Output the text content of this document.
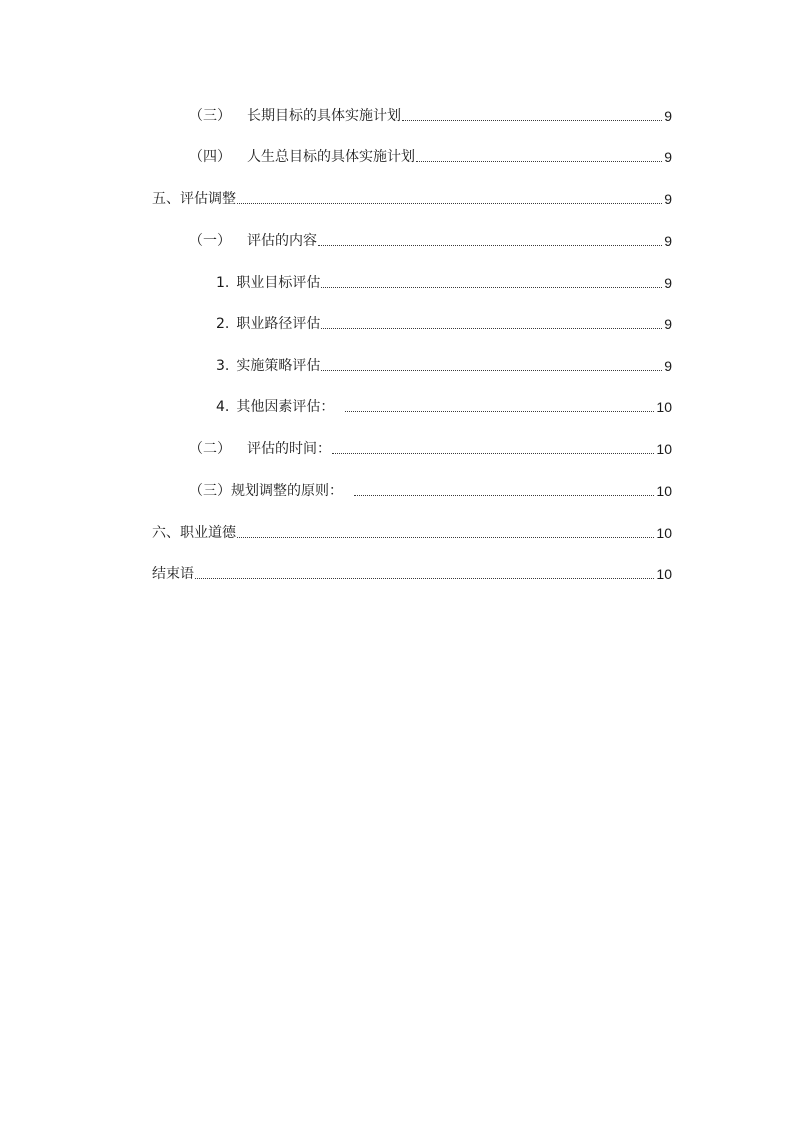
（三） 长期目标的具体实施计划	9
（四） 人生总目标的具体实施计划	9
五、 评估调整	9
（一） 评估的内容	9
1. 职业目标评估	9
2. 职业路径评估	9
3. 实施策略评估	9
4. 其他因素评估：	10
（二） 评估的时间：	10
（三） 规划调整的原则：	10
六、 职业道德	10
结束语	10
